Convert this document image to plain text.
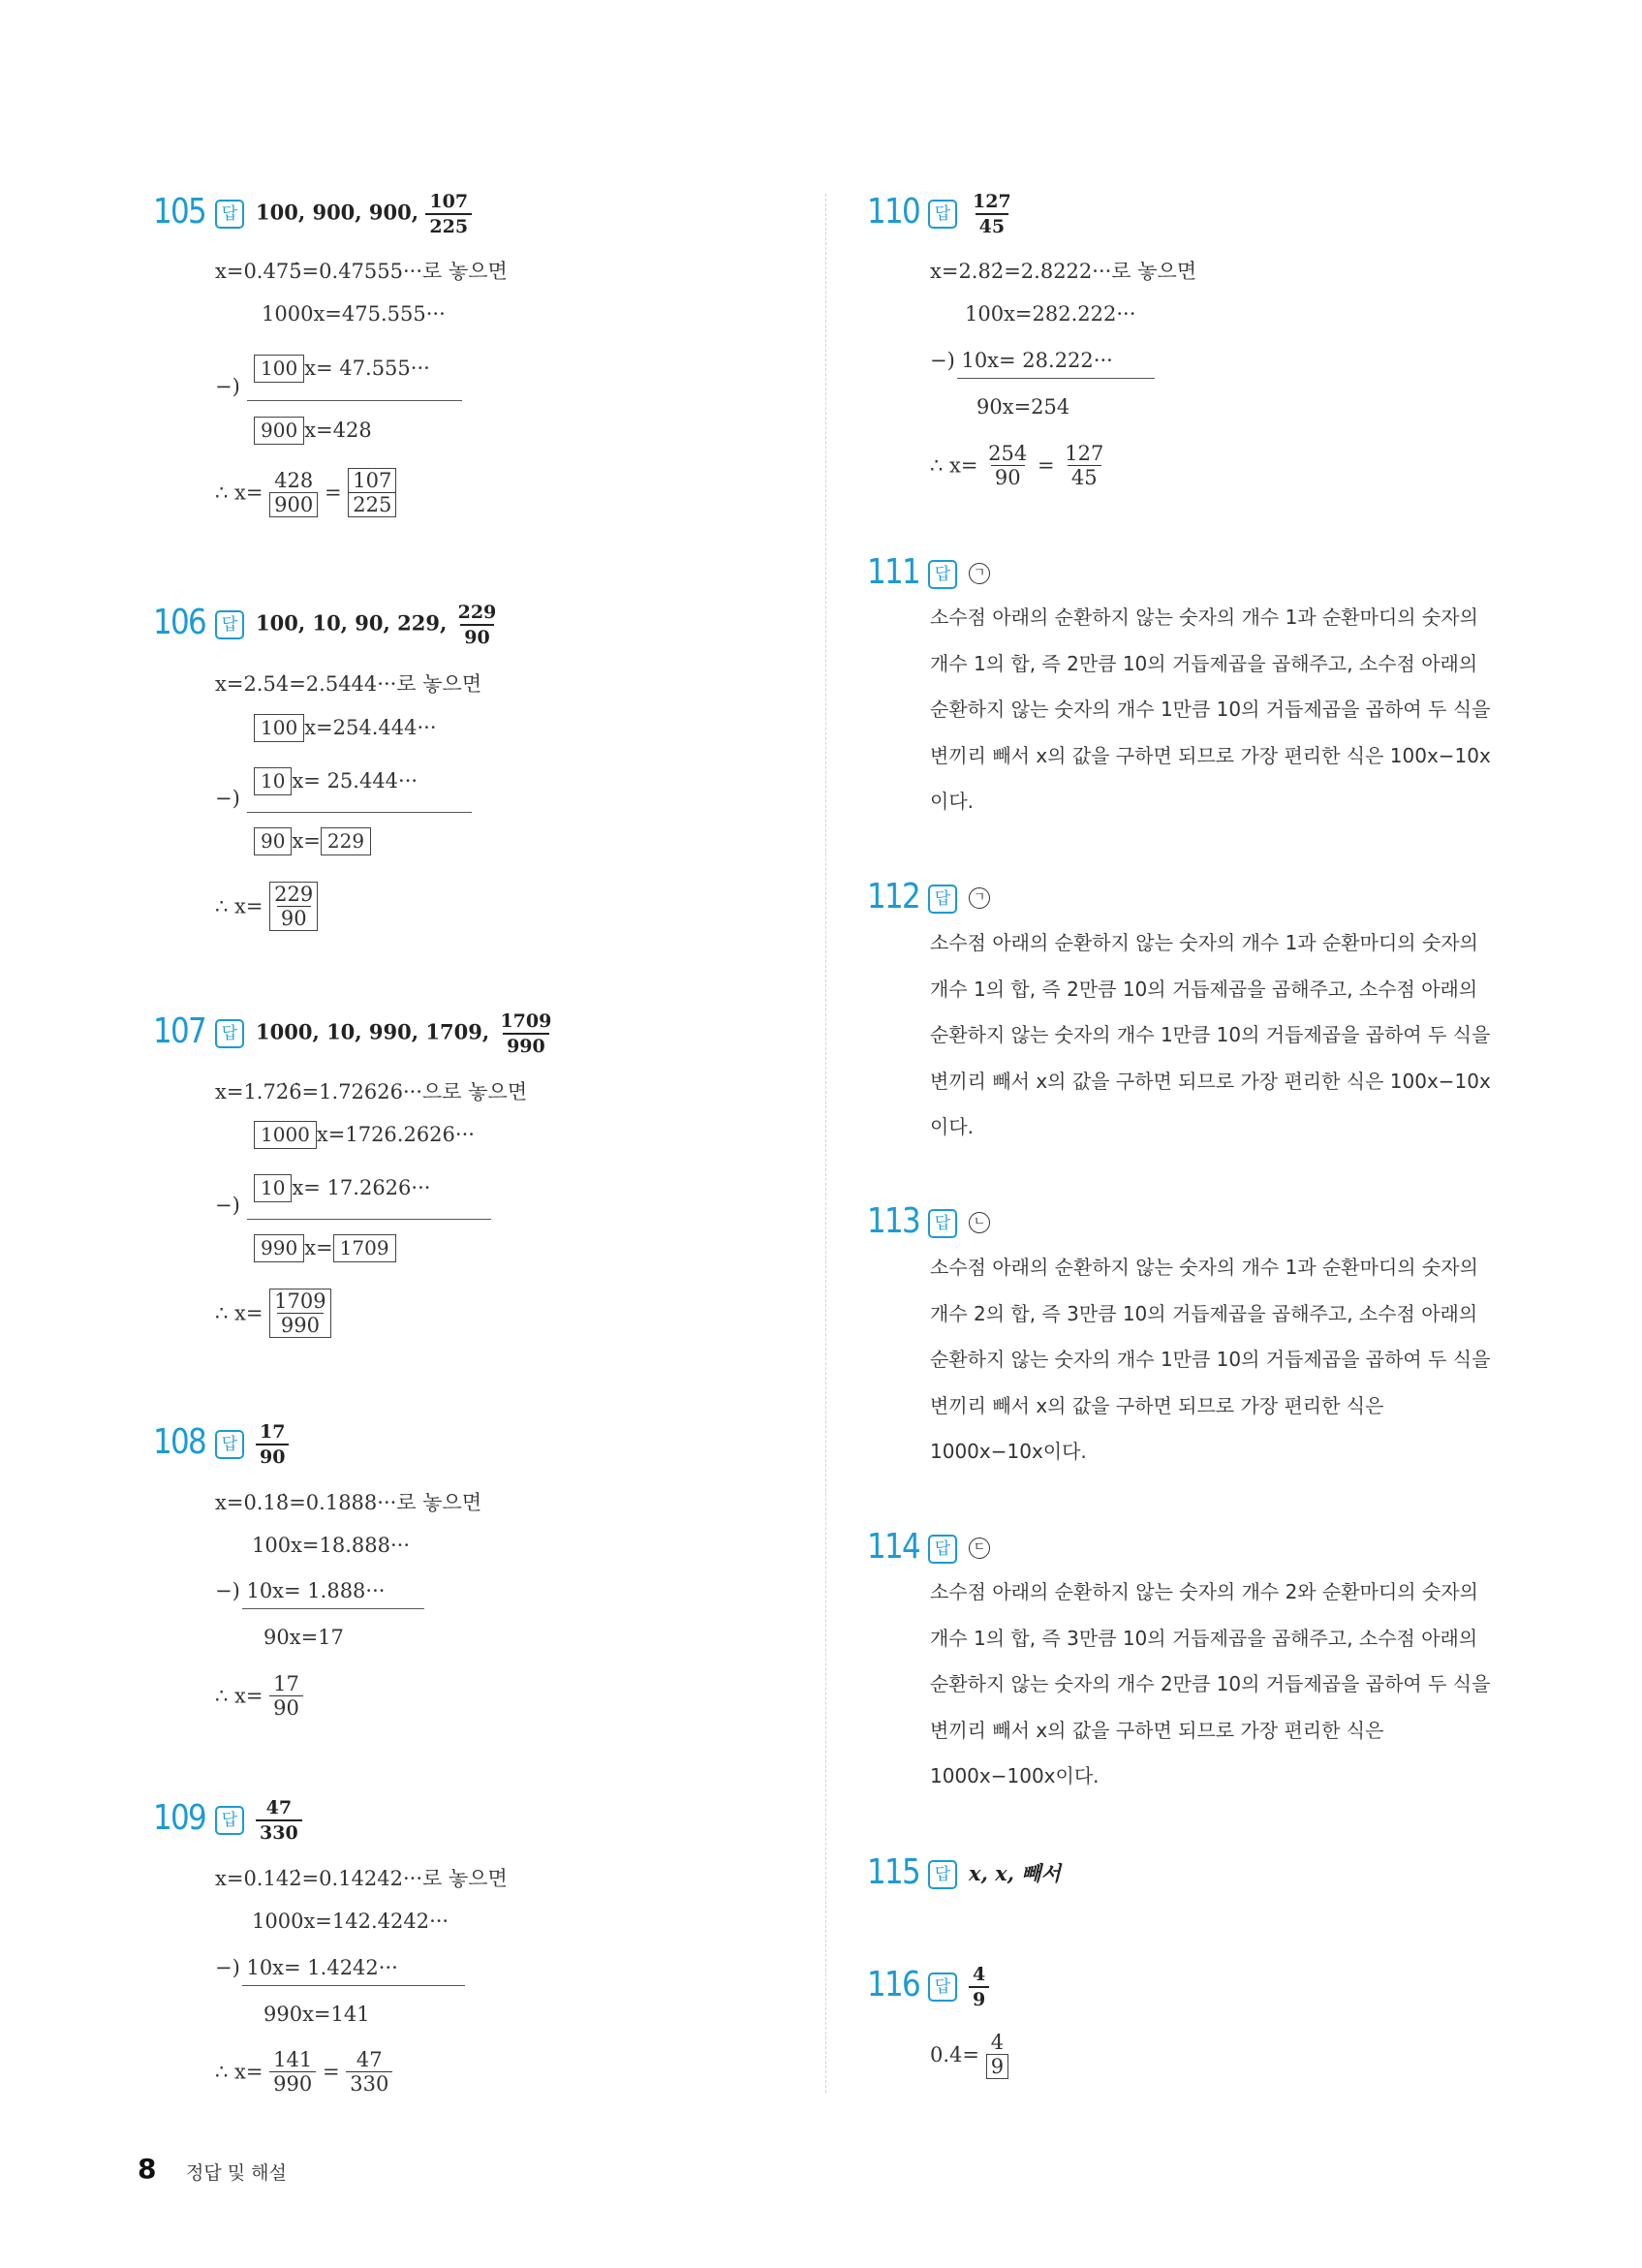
105 답 100, 900, 900, $\frac{107}{225}$
x=0.475̇=0.47555···로 놓으면
1000x=475.555···
−)
100 x= 47.555···
900 x=428
∴ $x= \frac{428}{900} = \frac{107}{225}$
106 답 100, 10, 90, 229, $\frac{229}{90}$
x=2.54̇=2.5444···로 놓으면
100 x=254.444···
−)
10 x= 25.444···
90 x= 229
∴ $x= \frac{229}{90}$
107 답 1000, 10, 990, 1709, $\frac{1709}{990}$
x=1.72̇6̇=1.72626···으로 놓으면
1000 x=1726.2626···
−)
10 x= 17.2626···
990 x= 1709
∴ $x= \frac{1709}{990}$
108 답 $\frac{17}{90}$
x=0.18̇=0.1888···로 놓으면
100x=18.888···
−) 10x= 1.888···
90x=17
∴ $x= \frac{17}{90}$
109 답 $\frac{47}{330}$
x=0.14̇2̇=0.14242···로 놓으면
1000x=142.4242···
−) 10x= 1.4242···
990x=141
∴ $x= \frac{141}{990} = \frac{47}{330}$
110 답 $\frac{127}{45}$
x=2.82̇=2.8222···로 놓으면
100x=282.222···
−) 10x= 28.222···
90x=254
∴ $x= \frac{254}{90} = \frac{127}{45}$
111 답	ㄱ
소수점 아래의 순환하지 않는 숫자의 개수 1과 순환마디의 숫자의 개수 1의 합, 즉 2만큼 10의 거듭제곱을 곱해주고, 소수점 아래의 순환하지 않는 숫자의 개수 1만큼 10의 거듭제곱을 곱하여 두 식을 변끼리 빼서 x의 값을 구하면 되므로 가장 편리한 식은 100x−10x이다.
112 답	ㄱ
소수점 아래의 순환하지 않는 숫자의 개수 1과 순환마디의 숫자의 개수 1의 합, 즉 2만큼 10의 거듭제곱을 곱해주고, 소수점 아래의 순환하지 않는 숫자의 개수 1만큼 10의 거듭제곱을 곱하여 두 식을 변끼리 빼서 x의 값을 구하면 되므로 가장 편리한 식은 100x−10x이다.
113 답	ㄴ
소수점 아래의 순환하지 않는 숫자의 개수 1과 순환마디의 숫자의 개수 2의 합, 즉 3만큼 10의 거듭제곱을 곱해주고, 소수점 아래의 순환하지 않는 숫자의 개수 1만큼 10의 거듭제곱을 곱하여 두 식을 변끼리 빼서 x의 값을 구하면 되므로 가장 편리한 식은 1000x−10x이다.
114 답	ㄷ
소수점 아래의 순환하지 않는 숫자의 개수 2와 순환마디의 숫자의 개수 1의 합, 즉 3만큼 10의 거듭제곱을 곱해주고, 소수점 아래의 순환하지 않는 숫자의 개수 2만큼 10의 거듭제곱을 곱하여 두 식을 변끼리 빼서 x의 값을 구하면 되므로 가장 편리한 식은 1000x−100x이다.
115 답 x, x, 빼서
116 답 $\frac{4}{9}$
0.4̇= $\frac{4}{9}$
8 정답 및 해설
